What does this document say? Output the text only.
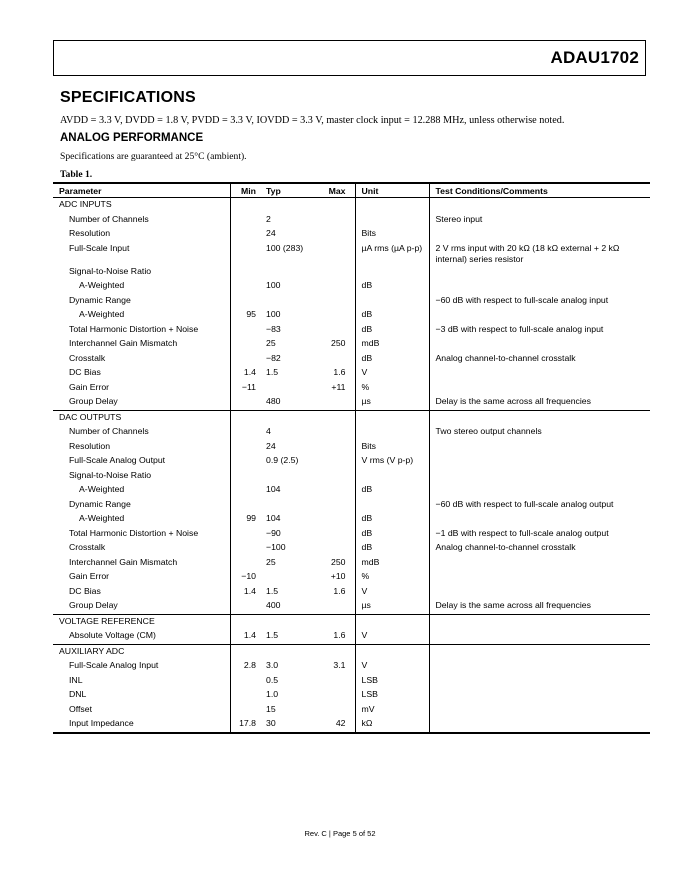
ADAU1702
SPECIFICATIONS
AVDD = 3.3 V, DVDD = 1.8 V, PVDD = 3.3 V, IOVDD = 3.3 V, master clock input = 12.288 MHz, unless otherwise noted.
ANALOG PERFORMANCE
Specifications are guaranteed at 25°C (ambient).
Table 1.
Parameter	Min	Typ	Max	Unit	Test Conditions/Comments
ADC INPUTS					
Number of Channels		2			Stereo input
Resolution		24		Bits	
Full-Scale Input		100 (283)		µA rms (µA p-p)	2 V rms input with 20 kΩ (18 kΩ external + 2 kΩ internal) series resistor
Signal-to-Noise Ratio					
A-Weighted		100		dB	
Dynamic Range					−60 dB with respect to full-scale analog input
A-Weighted	95	100		dB	
Total Harmonic Distortion + Noise		−83		dB	−3 dB with respect to full-scale analog input
Interchannel Gain Mismatch		25	250	mdB	
Crosstalk		−82		dB	Analog channel-to-channel crosstalk
DC Bias	1.4	1.5	1.6	V	
Gain Error	−11		+11	%	
Group Delay		480		µs	Delay is the same across all frequencies
DAC OUTPUTS					
Number of Channels		4			Two stereo output channels
Resolution		24		Bits	
Full-Scale Analog Output		0.9 (2.5)		V rms (V p-p)	
Signal-to-Noise Ratio					
A-Weighted		104		dB	
Dynamic Range					−60 dB with respect to full-scale analog output
A-Weighted	99	104		dB	
Total Harmonic Distortion + Noise		−90		dB	−1 dB with respect to full-scale analog output
Crosstalk		−100		dB	Analog channel-to-channel crosstalk
Interchannel Gain Mismatch		25	250	mdB	
Gain Error	−10		+10	%	
DC Bias	1.4	1.5	1.6	V	
Group Delay		400		µs	Delay is the same across all frequencies
VOLTAGE REFERENCE					
Absolute Voltage (CM)	1.4	1.5	1.6	V	
AUXILIARY ADC					
Full-Scale Analog Input	2.8	3.0	3.1	V	
INL		0.5		LSB	
DNL		1.0		LSB	
Offset		15		mV	
Input Impedance	17.8	30	42	kΩ	
Rev. C | Page 5 of 52
